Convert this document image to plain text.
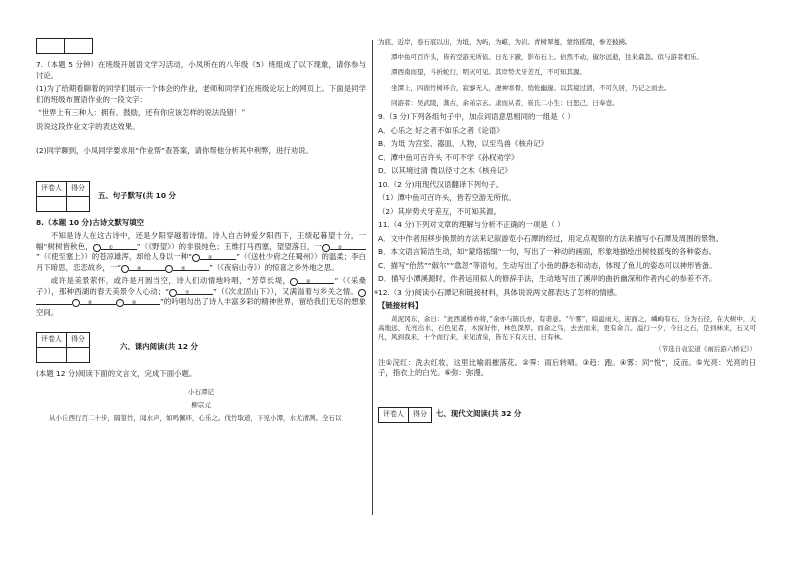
7.（本题 5 分钟）在班级开展语文学习活动，小凤所在的八年级（5）班组成了以下现象，请你参与讨论。

(1)为了给期看聊着的同学们展示一个体会的作业，老师和同学们在班级论坛上的网页上。下面是同学们的班级布置语作业的一段文字：

“世界上有三种人：拥有、鼓励，还有你应该怎样的说法没错！”

说说这段作业文字的表达效果。

(2)同学聊到，小凤同学要求用“作业帮”查答案，请你帮他分析其中利弊，进行劝说。

评卷人	得分

五、句子默写(共 10 分

8.（本题 10 分)古诗文默写填空

不知是诗人在这古诗中，还是夕阳穿越着诗情。诗人自古钟爱夕阳西下，王绩起暮望十分，一幅“树树皆秋色，	①	”（《野望》）的非很纯色；王维打马西塞，望望落日，一	②”（《使至塞上》）的苍凉雄浑，却给人身以一种“	③	”（《送杜少府之任蜀州》）的温柔；李白月下暗思，恋恋故乡，一“	④	⑤	”（《夜宿山寺》）的惊喜之乡外地之思。

或许是美景萦怀，或许是月圆当空，诗人们动情地吟唱，“芳草长堤，	⑥	”（《采桑子》），那种西湖的春天美景令人心动；“	⑦	”（《次北固山下》），又满溢着与乡关之情。	⑧⑨	⑩	”的吟唱勾出了诗人丰富多彩的精神世界，留给我们无尽的想象空间。

评卷人	得分

六、课内阅读(共 12 分

(本题 12 分)阅读下面的文言文，完成下面小题。

小石潭记

柳宗元

从小丘西行百二十步，隔篁竹，闻水声，如鸣佩环，心乐之。伐竹取道，下见小潭，水尤清冽。全石以

为底，近岸，卷石底以出，为坻，为屿，为嵁，为岩。青树翠蔓，蒙络摇缀，参差披拂。

潭中鱼可百许头，皆若空游无所依。日光下澈，影布石上。佁然不动，俶尔远逝，往来翕忽。似与游者相乐。

潭西南而望，斗折蛇行，明灭可见。其岸势犬牙差互，不可知其源。

坐潭上，四面竹树环合，寂寥无人，凄神寒骨，悄怆幽邃。以其境过清，不可久居，乃记之而去。

同游者：吴武陵，龚古，余弟宗玄。隶而从者，崔氏二小生：曰恕己，曰奉壹。

9.（3 分)下列各组句子中，加点词语意思相同的一组是（ ）

A．心乐之 好之者不如乐之者《论语》

B．为坻 为宫室、器皿、人物，以至鸟兽《核舟记》

C．潭中鱼可百许头 不可不学《孙权劝学》

D．以其境过清 微以径寸之木《核舟记》

10.（2 分)用现代汉语翻译下列句子。

（1）潭中鱼可百许头，皆若空游无所依。

（2）其岸势犬牙差互，不可知其源。

11.（4 分)下列对文章的理解与分析不正确的一项是（ ）

A．文中作者用移步换景的方法来记叙游览小石潭的经过，用定点观察的方法来描写小石潭及周围的景物。

B．本文语言简洁生动，如“蒙络摇缀”一句，写出了一种动的画面，形象地描绘出树枝摇曳的各种姿态。

C．描写“佁然”“俶尔”“翕忽”等语句，生动写出了小鱼的静态和动态，体现了鱼儿的姿态可以神形皆备。

D．描写小潭溪源时，作者运用拟人的修辞手法，生动地写出了溪岸的曲折幽深和作者内心的参差不齐。

12.（3 分)阅读小石潭记和链接材料，具体说说两文都表达了怎样的情感。

【链接材料】

黄泥冈东，余日：“此西溪桥亦将，”余亦与陈氏亦，有谐意。“午雾”，暗溢雨天，迎面之，嶙峋有石，分为石径，在大树中，天高地远，光亮出水，石色见者，木窗好作，林色深厚。而余之鸟，去去而来，更有余言。溢行一夕，今日之石，是到林来，石又可凡，风到我来，十个而行来，来见清泉，皆光下有天日，日有林。

（节选自袁宏道《雨后游六桥记》）

注①浣红：洗去红妆，这里比喻雨摧落花。②霁：雨后转晴。③趋：跑。④雾：同“悦”，反而。⑤光亮：光亮的日子，指衣上的白光。⑥弥：弥漫。

评卷人	得分 七、现代文阅读(共 32 分
